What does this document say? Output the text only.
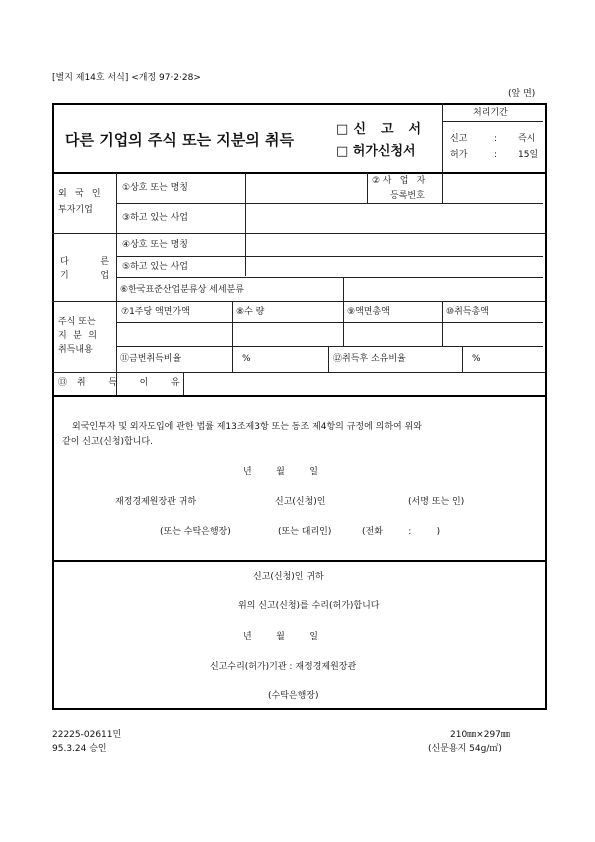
[별지 제14호 서식] <개정 97·2·28>
(앞 면)
다른 기업의 주식 또는 지분의 취득
□신 고 서
□ 허가신청서
처리기간
신고	: 즉시
허가	: 15일
외 국 인
투자기업
①상호 또는 명칭
②사 업 자
등록번호
③하고 있는 사업
다 른
기 업
④상호 또는 명칭
⑤하고 있는 사업
⑥한국표준산업분류상 세세분류
주식 또는
지 분 의
취득내용
⑦1주당 액면가액	⑧수 량	⑨액면총액	⑩취득총액
⑪금번취득비율	%	⑫취득후 소유비율	%
⑬취 득 이 유
외국인투자 및 외자도입에 관한 법률 제13조제3항 또는 동조 제4항의 규정에 의하여 위와
같이 신고(신청)합니다.
년 월 일
재정경제원장관 귀하	신고(신청)인	(서명 또는 인)
(또는 수탁은행장)	(또는 대리인)	(전화 : )
신고(신청)인 귀하
위의 신고(신청)를 수리(허가)합니다
년 월 일
신고수리(허가)기관 : 재정경제원장관
(수탁은행장)
22225-02611민
95.3.24 승인
210㎜×297㎜
(신문용지 54g/㎡)
